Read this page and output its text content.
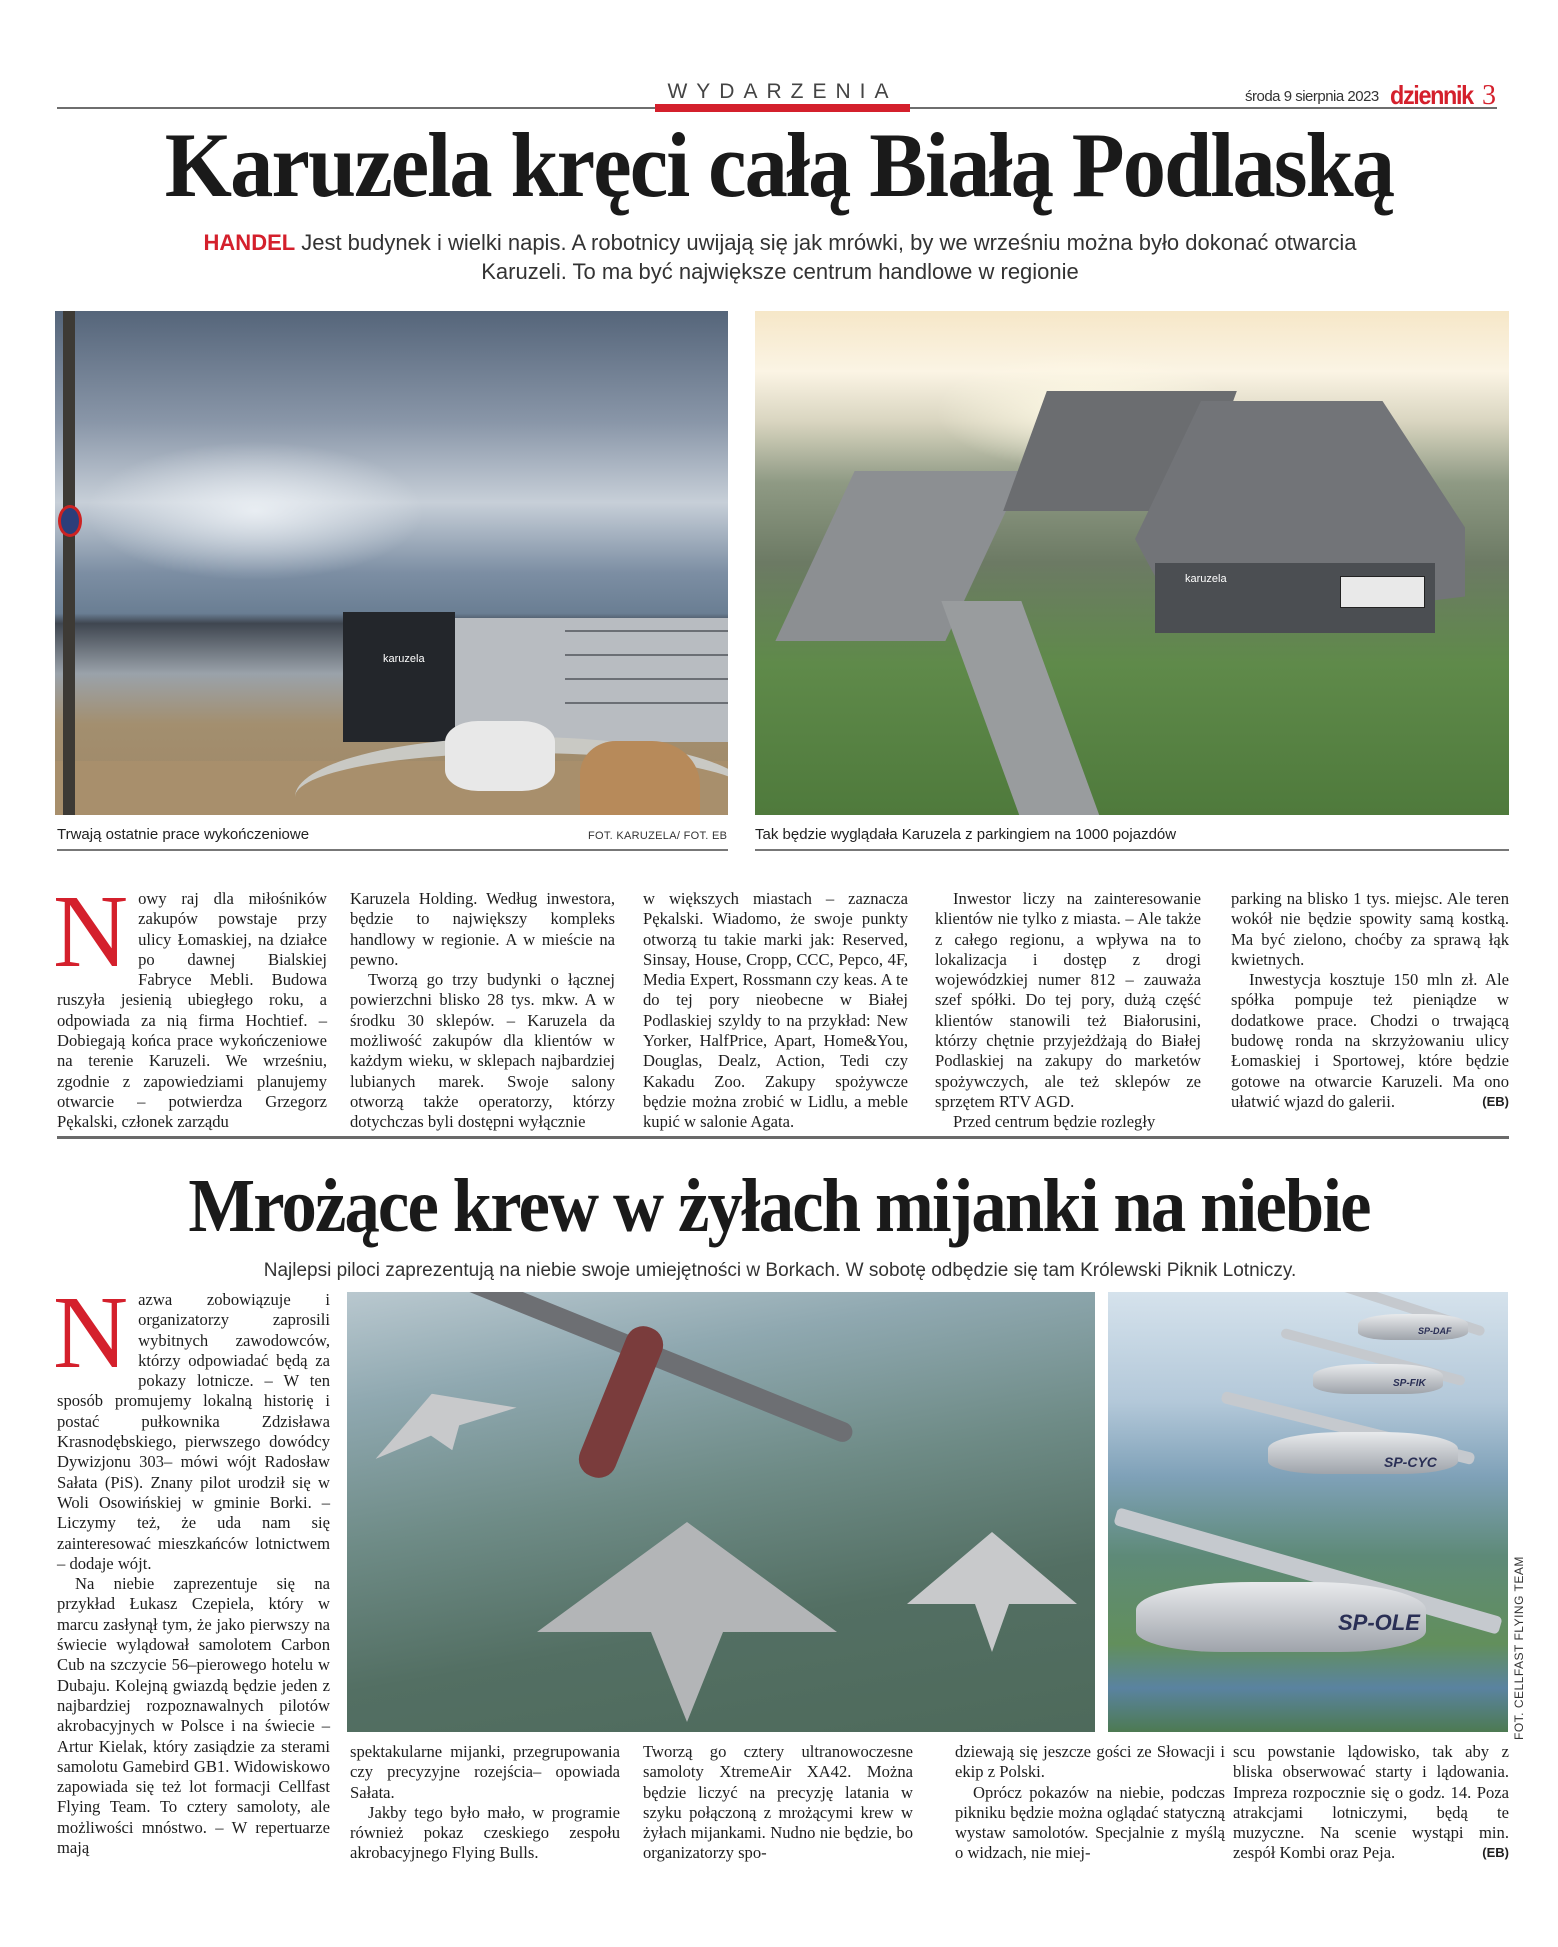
WYDARZENIA	środa 9 sierpnia 2023 dziennik 3
Karuzela kręci całą Białą Podlaską
HANDEL Jest budynek i wielki napis. A robotnicy uwijają się jak mrówki, by we wrześniu można było dokonać otwarcia
Karuzeli. To ma być największe centrum handlowe w regionie
karuzela
karuzela
Trwają ostatnie prace wykończeniowe	FOT. KARUZELA/ FOT. EB Tak będzie wyglądała Karuzela z parkingiem na 1000 pojazdów
N owy raj dla miłośników zakupów powstaje przy ulicy Łomaskiej, na działce po dawnej Bialskiej Fabryce Mebli. Budowa ruszyła jesienią ubiegłego roku, a odpowiada za nią firma Hochtief. – Dobiegają końca prace wykończeniowe na terenie Karuzeli. We wrześniu, zgodnie z zapowiedziami planujemy otwarcie – potwierdza Grzegorz Pękalski, członek zarządu

Karuzela Holding. Według inwestora, będzie to największy kompleks handlowy w regionie. A w mieście na pewno.

Tworzą go trzy budynki o łącznej powierzchni blisko 28 tys. mkw. A w środku 30 sklepów. – Karuzela da możliwość zakupów dla klientów w każdym wieku, w sklepach najbardziej lubianych marek. Swoje salony otworzą także operatorzy, którzy dotychczas byli dostępni wyłącznie

w większych miastach – zaznacza Pękalski. Wiadomo, że swoje punkty otworzą tu takie marki jak: Reserved, Sinsay, House, Cropp, CCC, Pepco, 4F, Media Expert, Rossmann czy keas. A te do tej pory nieobecne w Białej Podlaskiej szyldy to na przykład: New Yorker, HalfPrice, Apart, Home&You, Douglas, Dealz, Action, Tedi czy Kakadu Zoo. Zakupy spożywcze będzie można zrobić w Lidlu, a meble kupić w salonie Agata.

Inwestor liczy na zainteresowanie klientów nie tylko z miasta. – Ale także z całego regionu, a wpływa na to lokalizacja i dostęp z drogi wojewódzkiej numer 812 – zauważa szef spółki. Do tej pory, dużą część klientów stanowili też Białorusini, którzy chętnie przyjeżdżają do Białej Podlaskiej na zakupy do marketów spożywczych, ale też sklepów ze sprzętem RTV AGD.

Przed centrum będzie rozległy

parking na blisko 1 tys. miejsc. Ale teren wokół nie będzie spowity samą kostką. Ma być zielono, choćby za sprawą łąk kwietnych.

Inwestycja kosztuje 150 mln zł. Ale spółka pompuje też pieniądze w dodatkowe prace. Chodzi o trwającą budowę ronda na skrzyżowaniu ulicy Łomaskiej i Sportowej, które będzie gotowe na otwarcie Karuzeli. Ma ono ułatwić wjazd do galerii.	(EB)

Mrożące krew w żyłach mijanki na niebie
Najlepsi piloci zaprezentują na niebie swoje umiejętności w Borkach. W sobotę odbędzie się tam Królewski Piknik Lotniczy.
N azwa zobowiązuje i organizatorzy zaprosili wybitnych zawodowców, którzy odpowiadać będą za pokazy lotnicze. – W ten sposób promujemy lokalną historię i postać pułkownika Zdzisława Krasnodębskiego, pierwszego dowódcy Dywizjonu 303– mówi wójt Radosław Sałata (PiS). Znany pilot urodził się w Woli Osowińskiej w gminie Borki. – Liczymy też, że uda nam się zainteresować mieszkańców lotnictwem – dodaje wójt.

Na niebie zaprezentuje się na przykład Łukasz Czepiela, który w marcu zasłynął tym, że jako pierwszy na świecie wylądował samolotem Carbon Cub na szczycie 56–pierowego hotelu w Dubaju. Kolejną gwiazdą będzie jeden z najbardziej rozpoznawalnych pilotów akrobacyjnych w Polsce i na świecie – Artur Kielak, który zasiądzie za sterami samolotu Gamebird GB1. Widowiskowo zapowiada się też lot formacji Cellfast Flying Team. To cztery samoloty, ale możliwości mnóstwo. – W repertuarze mają

SP-DAF
SP-FIK
SP-CYC
SP-OLE	FOT. CELLFAST FLYING TEAM

spektakularne mijanki, przegrupowania czy precyzyjne rozejścia– opowiada Sałata.

Jakby tego było mało, w programie również pokaz czeskiego zespołu akrobacyjnego Flying Bulls.

Tworzą go cztery ultranowoczesne samoloty XtremeAir XA42. Można będzie liczyć na precyzję latania w szyku połączoną z mrożącymi krew w żyłach mijankami. Nudno nie będzie, bo organizatorzy spo-

dziewają się jeszcze gości ze Słowacji i ekip z Polski.

Oprócz pokazów na niebie, podczas pikniku będzie można oglądać statyczną wystaw samolotów. Specjalnie z myślą o widzach, nie miej-

scu powstanie lądowisko, tak aby z bliska obserwować starty i lądowania. Impreza rozpocznie się o godz. 14. Poza atrakcjami lotniczymi, będą te muzyczne. Na scenie wystąpi min. zespół Kombi oraz Peja.	(EB)
